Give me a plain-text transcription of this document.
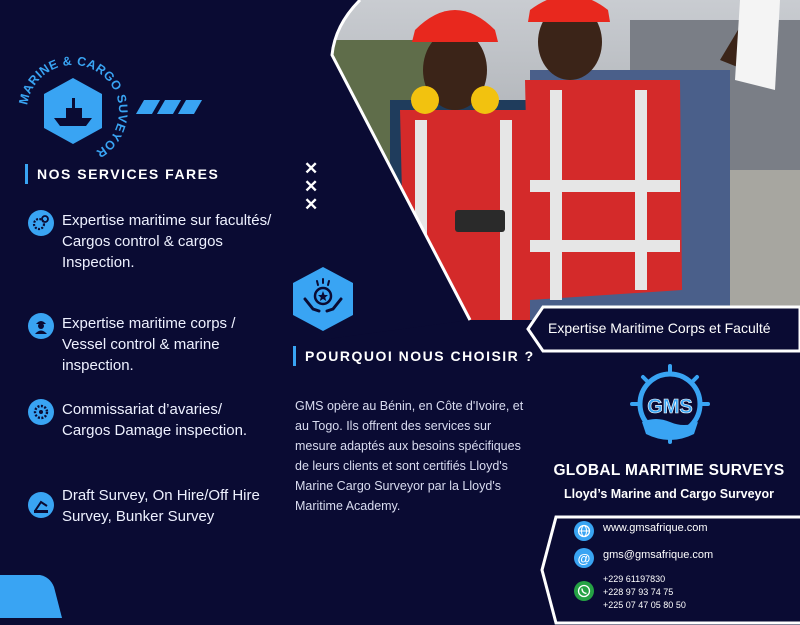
MARINE & CARGO SUVEYOR
NOS SERVICES FARES
Expertise maritime sur facultés/ Cargos control & cargos Inspection.
Expertise maritime corps / Vessel control & marine inspection.
Commissariat d’avaries/ Cargos Damage inspection.
Draft Survey, On Hire/Off Hire Survey, Bunker Survey
✕
✕
✕
POURQUOI NOUS CHOISIR ?
GMS opère au Bénin, en Côte d'Ivoire, et au Togo. Ils offrent des services sur mesure adaptés aux besoins spécifiques de leurs clients et sont certifiés Lloyd's Marine Cargo Surveyor par la Lloyd's Maritime Academy.
Expertise Maritime Corps et Faculté
GMS
GLOBAL MARITIME SURVEYS
Lloyd’s Marine and Cargo Surveyor
www.gmsafrique.com
@ gms@gmsafrique.com
+229 61197830
+228 97 93 74 75
+225 07 47 05 80 50
